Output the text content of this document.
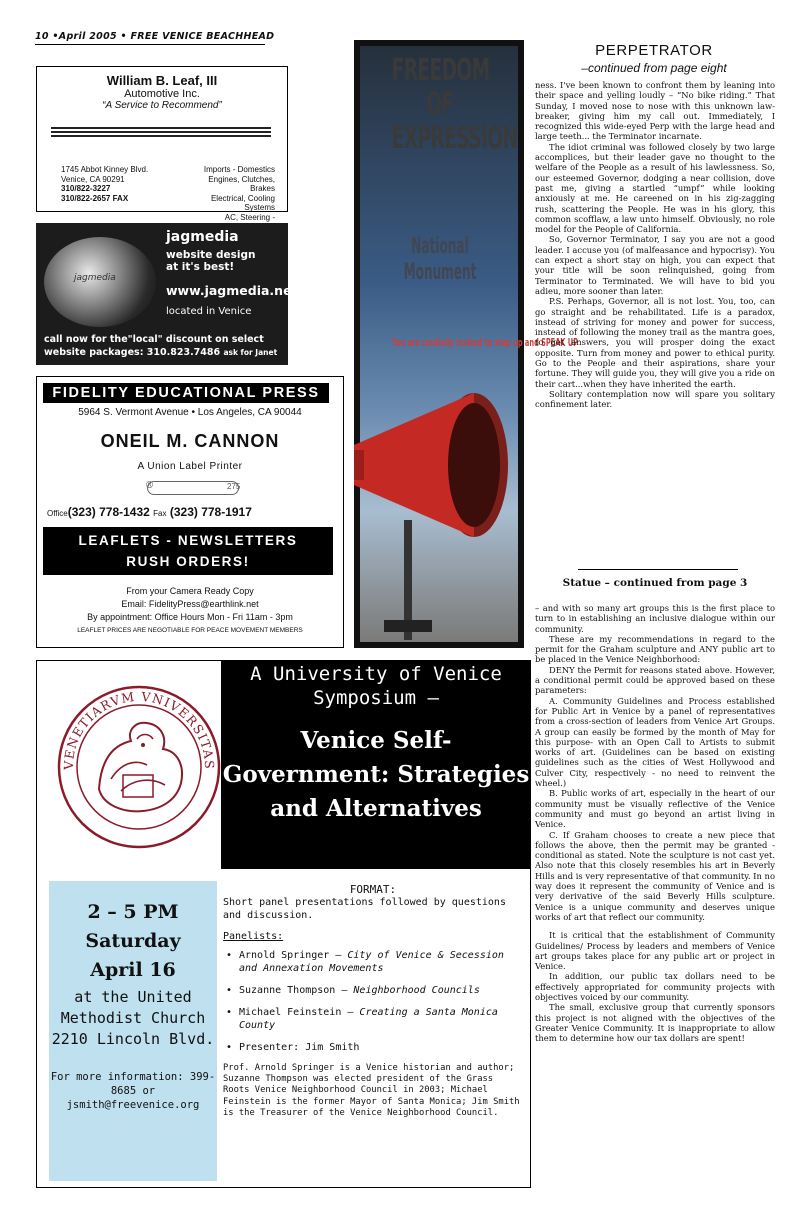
10 •April 2005 • FREE VENICE BEACHHEAD
William B. Leaf, III
Automotive Inc.
“A Service to Recommend”
1745 Abbot Kinney Blvd.
Venice, CA 90291
310/822-3227
310/822-2657 FAX
Imports - Domestics
Engines, Clutches, Brakes
Electrical, Cooling Systems
AC, Steering -
jagmedia
jagmedia
website design
at it's best!
www.jagmedia.net
located in Venice
call now for the"local" discount on select
website packages: 310.823.7486 ask for Janet
FIDELITY EDUCATIONAL PRESS
5964 S. Vermont Avenue • Los Angeles, CA 90044
ONEIL M. CANNON
A Union Label Printer
®	275
Office(323) 778-1432 Fax (323) 778-1917
LEAFLETS - NEWSLETTERS
RUSH ORDERS!
From your Camera Ready Copy
Email: FidelityPress@earthlink.net
By appointment: Office Hours Mon - Fri 11am - 3pm
LEAFLET PRICES ARE NEGOTIABLE FOR PEACE MOVEMENT MEMBERS
FREEDOM OF EXPRESSION
National Monument
You are cordially invited to step up and SPEAK UP
PERPETRATOR
–continued from page eight

ness. I've been known to confront them by leaning into their space and yelling loudly – “No bike riding.” That Sunday, I moved nose to nose with this unknown law-breaker, giving him my call out. Immediately, I recognized this wide-eyed Perp with the large head and large teeth... the Terminator incarnate.

The idiot criminal was followed closely by two large accomplices, but their leader gave no thought to the welfare of the People as a result of his lawlessness. So, our esteemed Governor, dodging a near collision, dove past me, giving a startled “umpf” while looking anxiously at me. He careened on in his zig-zagging rush, scattering the People. He was in his glory, this common scofflaw, a law unto himself. Obviously, no role model for the People of California.

So, Governor Terminator, I say you are not a good leader. I accuse you (of malfeasance and hypocrisy). You can expect a short stay on high, you can expect that your title will be soon relinquished, going from Terminator to Terminated. We will have to bid you adieu, more sooner than later.

P.S. Perhaps, Governor, all is not lost. You, too, can go straight and be rehabilitated. Life is a paradox, instead of striving for money and power for success, instead of following the money trail as the mantra goes, to get answers, you will prosper doing the exact opposite. Turn from money and power to ethical purity. Go to the People and their aspirations, share your fortune. They will guide you, they will give you a ride on their cart...when they have inherited the earth.

Solitary contemplation now will spare you solitary confinement later.

Statue – continued from page 3

– and with so many art groups this is the first place to turn to in establishing an inclusive dialogue within our community.

These are my recommendations in regard to the permit for the Graham sculpture and ANY public art to be placed in the Venice Neighborhood:

DENY the Permit for reasons stated above. However, a conditional permit could be approved based on these parameters:

A. Community Guidelines and Process established for Public Art in Venice by a panel of representatives from a cross-section of leaders from Venice Art Groups. A group can easily be formed by the month of May for this purpose- with an Open Call to Artists to submit works of art. (Guidelines can be based on existing guidelines such as the cities of West Hollywood and Culver City, respectively - no need to reinvent the wheel.)

B. Public works of art, especially in the heart of our community must be visually reflective of the Venice community and must go beyond an artist living in Venice.

C. If Graham chooses to create a new piece that follows the above, then the permit may be granted - conditional as stated. Note the sculpture is not cast yet. Also note that this closely resembles his art in Beverly Hills and is very representative of that community. In no way does it represent the community of Venice and is very derivative of the said Beverly Hills sculpture. Venice is a unique community and deserves unique works of art that reflect our community.

It is critical that the establishment of Community Guidelines/ Process by leaders and members of Venice art groups takes place for any public art or project in Venice.

In addition, our public tax dollars need to be effectively appropriated for community projects with objectives voiced by our community.

The small, exclusive group that currently sponsors this project is not aligned with the objectives of the Greater Venice Community. It is inappropriate to allow them to determine how our tax dollars are spent!

VENETIARVM VNIVERSITAS
A University of Venice Symposium –
Venice Self-Government: Strategies and Alternatives
2 – 5 PM
Saturday
April 16
at the United Methodist Church 2210 Lincoln Blvd.
For more information: 399-8685 or jsmith@freevenice.org
FORMAT:
Short panel presentations followed by questions and discussion.
Panelists:
• Arnold Springer – City of Venice & Secession and Annexation Movements
• Suzanne Thompson – Neighborhood Councils
• Michael Feinstein – Creating a Santa Monica County
• Presenter: Jim Smith
Prof. Arnold Springer is a Venice historian and author; Suzanne Thompson was elected president of the Grass Roots Venice Neighborhood Council in 2003; Michael Feinstein is the former Mayor of Santa Monica; Jim Smith is the Treasurer of the Venice Neighborhood Council.
